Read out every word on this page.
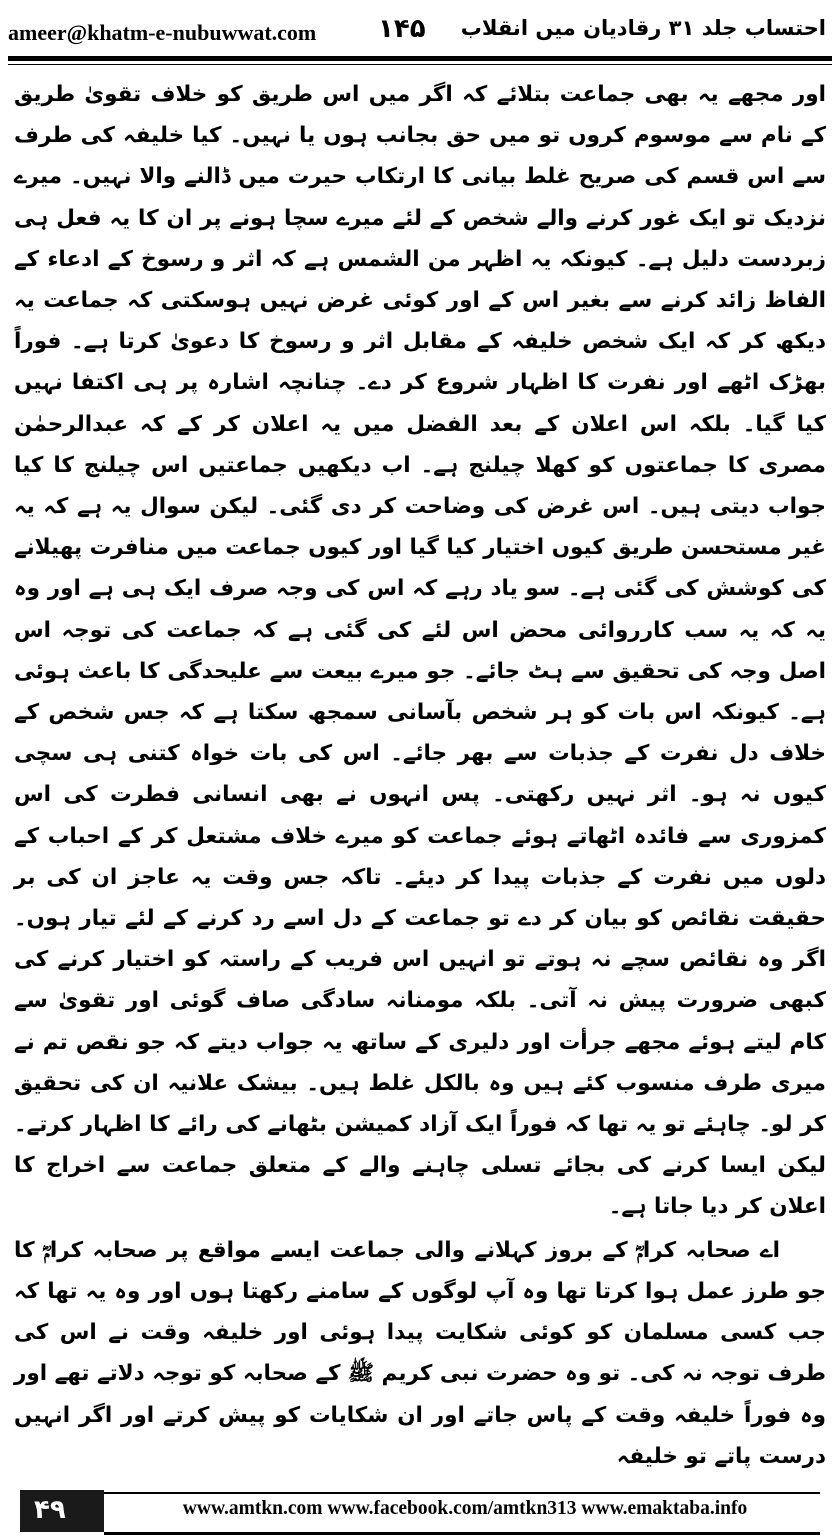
ameer@khatm-e-nubuwwat.com ۱۴۵ احتساب جلد ۳۱ رقادیان میں انقلاب

اور مجھے یہ بھی جماعت بتلائے کہ اگر میں اس طریق کو خلاف تقویٰ طریق کے نام سے موسوم کروں تو میں حق بجانب ہوں یا نہیں۔ کیا خلیفہ کی طرف سے اس قسم کی صریح غلط بیانی کا ارتکاب حیرت میں ڈالنے والا نہیں۔ میرے نزدیک تو ایک غور کرنے والے شخص کے لئے میرے سچا ہونے پر ان کا یہ فعل ہی زبردست دلیل ہے۔ کیونکہ یہ اظہر من الشمس ہے کہ اثر و رسوخ کے ادعاء کے الفاظ زائد کرنے سے بغیر اس کے اور کوئی غرض نہیں ہوسکتی کہ جماعت یہ دیکھ کر کہ ایک شخص خلیفہ کے مقابل اثر و رسوخ کا دعویٰ کرتا ہے۔ فوراً بھڑک اٹھے اور نفرت کا اظہار شروع کر دے۔ چنانچہ اشارہ پر ہی اکتفا نہیں کیا گیا۔ بلکہ اس اعلان کے بعد الفضل میں یہ اعلان کر کے کہ عبدالرحمٰن مصری کا جماعتوں کو کھلا چیلنج ہے۔ اب دیکھیں جماعتیں اس چیلنج کا کیا جواب دیتی ہیں۔ اس غرض کی وضاحت کر دی گئی۔ لیکن سوال یہ ہے کہ یہ غیر مستحسن طریق کیوں اختیار کیا گیا اور کیوں جماعت میں منافرت پھیلانے کی کوشش کی گئی ہے۔ سو یاد رہے کہ اس کی وجہ صرف ایک ہی ہے اور وہ یہ کہ یہ سب کارروائی محض اس لئے کی گئی ہے کہ جماعت کی توجہ اس اصل وجہ کی تحقیق سے ہٹ جائے۔ جو میرے بیعت سے علیحدگی کا باعث ہوئی ہے۔ کیونکہ اس بات کو ہر شخص بآسانی سمجھ سکتا ہے کہ جس شخص کے خلاف دل نفرت کے جذبات سے بھر جائے۔ اس کی بات خواہ کتنی ہی سچی کیوں نہ ہو۔ اثر نہیں رکھتی۔ پس انہوں نے بھی انسانی فطرت کی اس کمزوری سے فائدہ اٹھاتے ہوئے جماعت کو میرے خلاف مشتعل کر کے احباب کے دلوں میں نفرت کے جذبات پیدا کر دیئے۔ تاکہ جس وقت یہ عاجز ان کی بر حقیقت نقائص کو بیان کر دے تو جماعت کے دل اسے رد کرنے کے لئے تیار ہوں۔ اگر وہ نقائص سچے نہ ہوتے تو انہیں اس فریب کے راستہ کو اختیار کرنے کی کبھی ضرورت پیش نہ آتی۔ بلکہ مومنانہ سادگی صاف گوئی اور تقویٰ سے کام لیتے ہوئے مجھے جرأت اور دلیری کے ساتھ یہ جواب دیتے کہ جو نقص تم نے میری طرف منسوب کئے ہیں وہ بالکل غلط ہیں۔ بیشک علانیہ ان کی تحقیق کر لو۔ چاہئے تو یہ تھا کہ فوراً ایک آزاد کمیشن بٹھانے کی رائے کا اظہار کرتے۔ لیکن ایسا کرنے کی بجائے تسلی چاہنے والے کے متعلق جماعت سے اخراج کا اعلان کر دیا جاتا ہے۔

اے صحابہ کرامؓ کے بروز کہلانے والی جماعت ایسے مواقع پر صحابہ کرامؓ کا جو طرز عمل ہوا کرتا تھا وہ آپ لوگوں کے سامنے رکھتا ہوں اور وہ یہ تھا کہ جب کسی مسلمان کو کوئی شکایت پیدا ہوئی اور خلیفہ وقت نے اس کی طرف توجہ نہ کی۔ تو وہ حضرت نبی کریم ﷺ کے صحابہ کو توجہ دلاتے تھے اور وہ فوراً خلیفہ وقت کے پاس جاتے اور ان شکایات کو پیش کرتے اور اگر انہیں درست پاتے تو خلیفہ

۴۹	www.amtkn.com www.facebook.com/amtkn313 www.emaktaba.info
